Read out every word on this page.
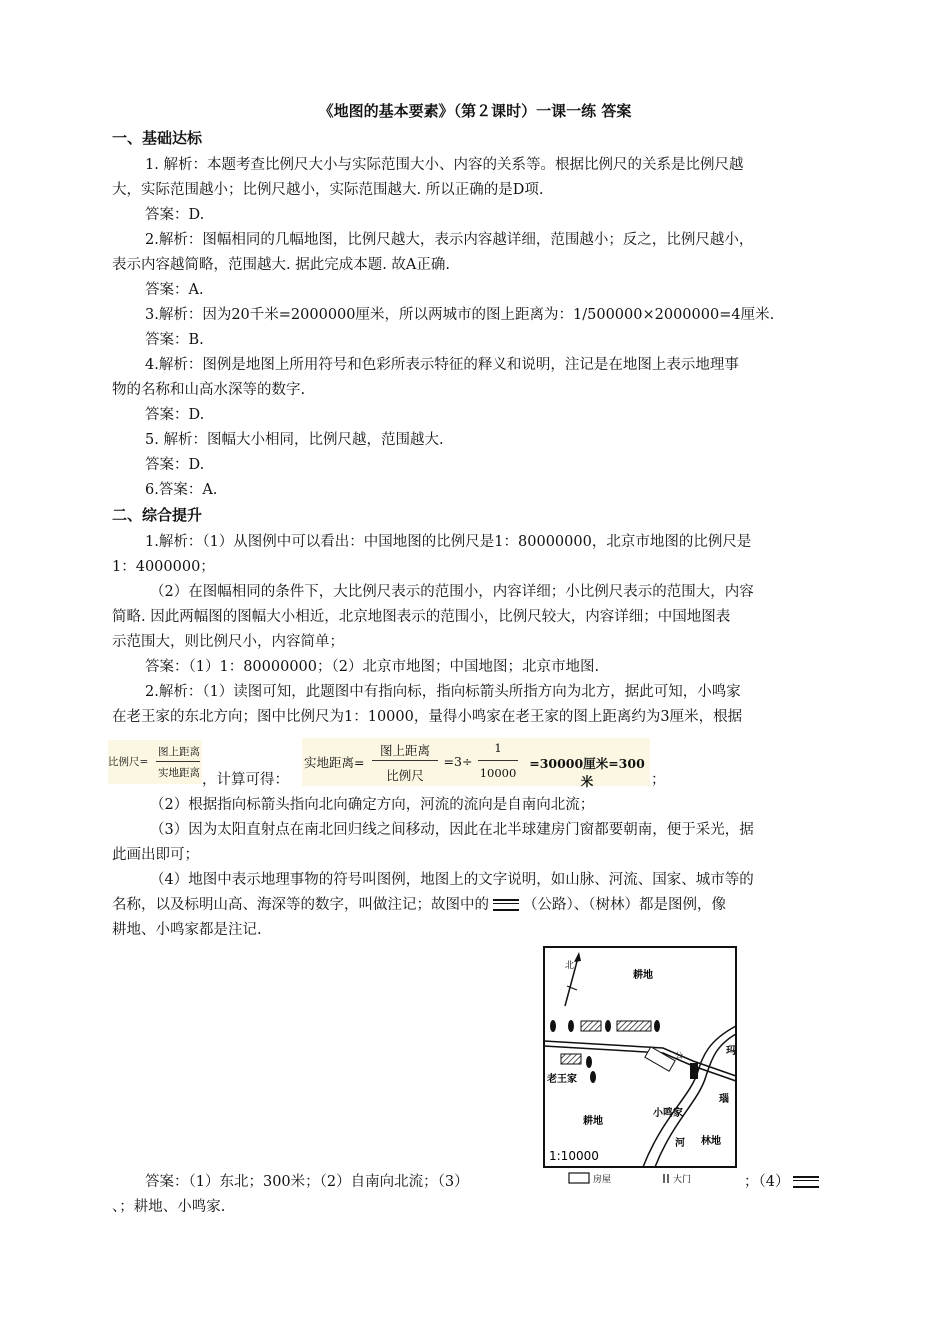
《地图的基本要素》（第２课时）一课一练 答案
一、基础达标
1. 解析：本题考查比例尺大小与实际范围大小、内容的关系等。根据比例尺的关系是比例尺越
大，实际范围越小；比例尺越小，实际范围越大. 所以正确的是D项.
答案：D.
2.解析：图幅相同的几幅地图，比例尺越大，表示内容越详细，范围越小；反之，比例尺越小，
表示内容越简略，范围越大. 据此完成本题. 故A正确.
答案：A.
3.解析：因为20千米=2000000厘米，所以两城市的图上距离为：1/500000×2000000=4厘米.
答案：B.
4.解析：图例是地图上所用符号和色彩所表示特征的释义和说明，注记是在地图上表示地理事
物的名称和山高水深等的数字.
答案：D.
5. 解析：图幅大小相同，比例尺越，范围越大.
答案：D.
6.答案：A.
二、综合提升
1.解析：（1）从图例中可以看出：中国地图的比例尺是1：80000000，北京市地图的比例尺是
1：4000000；
（2）在图幅相同的条件下，大比例尺表示的范围小，内容详细；小比例尺表示的范围大，内容
简略. 因此两幅图的图幅大小相近，北京地图表示的范围小，比例尺较大，内容详细；中国地图表
示范围大，则比例尺小，内容简单；
答案：（1）1：80000000；（2）北京市地图；中国地图；北京市地图.
2.解析：（1）读图可知，此题图中有指向标，指向标箭头所指方向为北方，据此可知，小鸣家
在老王家的东北方向；图中比例尺为1：10000，量得小鸣家在老王家的图上距离约为3厘米，根据
比例尺=
图上距离
实地距离 ，计算可得：
实地距离=
图上距离
比例尺
=3÷
1
10000
=30000厘米=300米	；
（2）根据指向标箭头指向北向确定方向，河流的流向是自南向北流；
（3）因为太阳直射点在南北回归线之间移动，因此在北半球建房门窗都要朝南，便于采光，据
此画出即可；
（4）地图中表示地理事物的符号叫图例，地图上的文字说明，如山脉、河流、国家、城市等的
名称，以及标明山高、海深等的数字，叫做注记；故图中的 （公路）、（树林）都是图例，像
耕地、小鸣家都是注记.
北
耕地
老王家
小鸣家
耕地
林地
公	玛
瑙
河
1:10000
房屋	大门
答案：（1）东北；300米；（2）自南向北流；（3）	；（4）
、；耕地、小鸣家.
